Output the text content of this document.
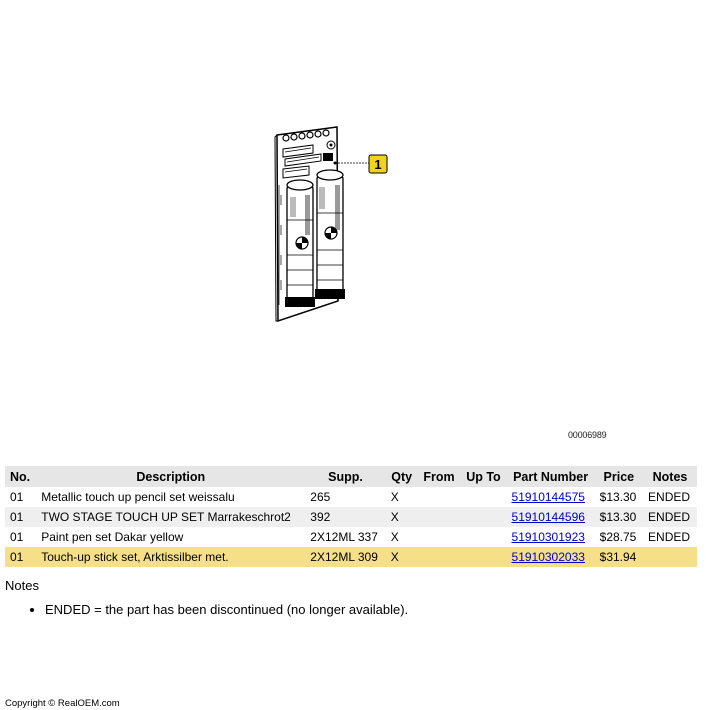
1
00006989
No.	Description	Supp.	Qty	From	Up To	Part Number	Price	Notes
01	Metallic touch up pencil set weissalu	265	X			51910144575	$13.30	ENDED
01	TWO STAGE TOUCH UP SET Marrakeschrot2	392	X			51910144596	$13.30	ENDED
01	Paint pen set Dakar yellow	2X12ML 337	X			51910301923	$28.75	ENDED
01	Touch-up stick set, Arktissilber met.	2X12ML 309	X			51910302033	$31.94	
Notes
• ENDED = the part has been discontinued (no longer available).
Copyright © RealOEM.com
